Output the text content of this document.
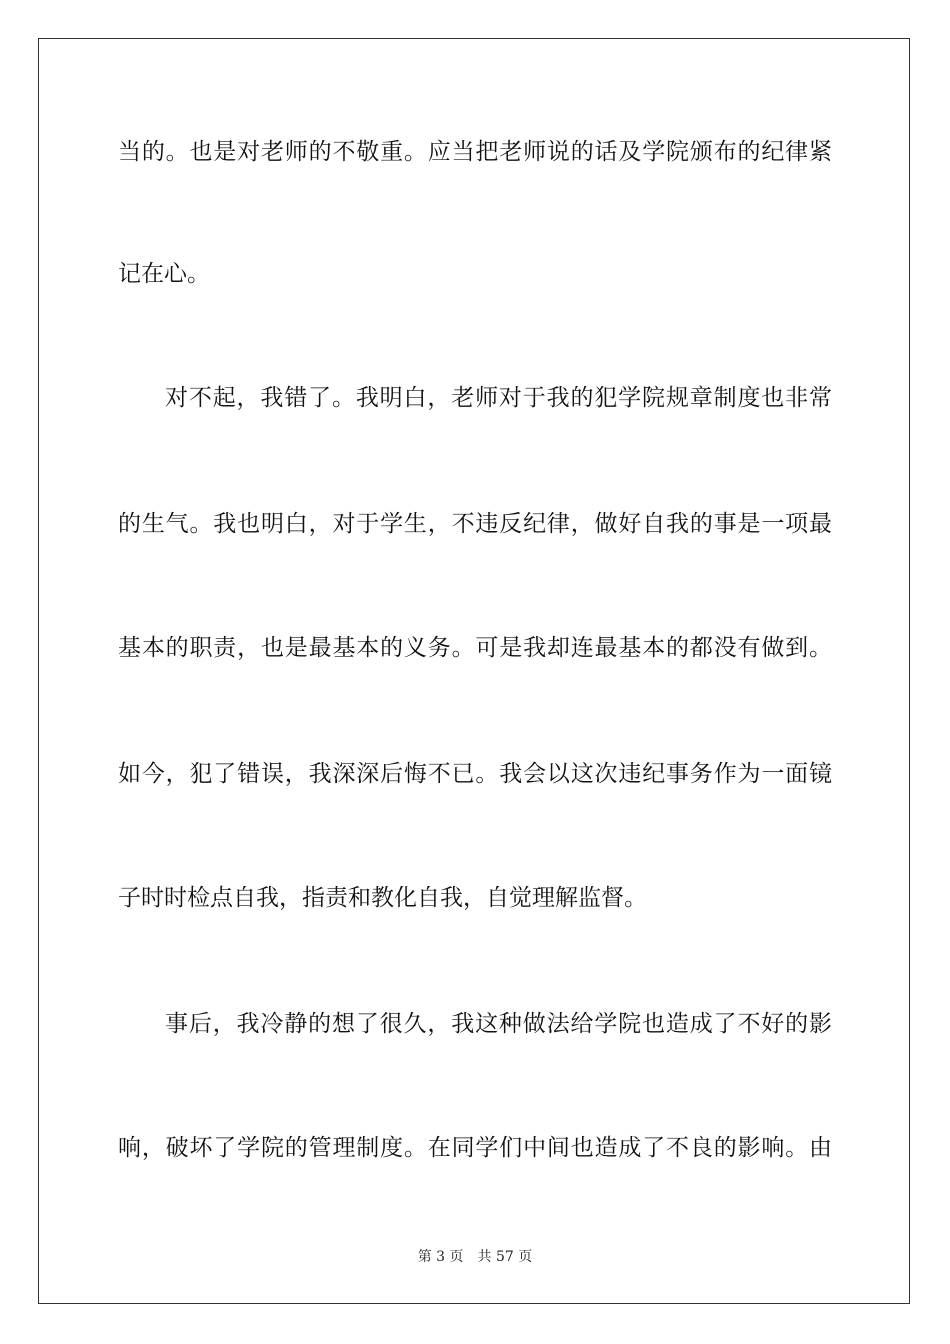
当的。也是对老师的不敬重。应当把老师说的话及学院颁布的纪律紧
记在心。
对不起，我错了。我明白，老师对于我的犯学院规章制度也非常
的生气。我也明白，对于学生，不违反纪律，做好自我的事是一项最
基本的职责，也是最基本的义务。可是我却连最基本的都没有做到。
如今，犯了错误，我深深后悔不已。我会以这次违纪事务作为一面镜
子时时检点自我，指责和教化自我，自觉理解监督。
事后，我冷静的想了很久，我这种做法给学院也造成了不好的影
响，破坏了学院的管理制度。在同学们中间也造成了不良的影响。由
第 3 页 共 57 页
